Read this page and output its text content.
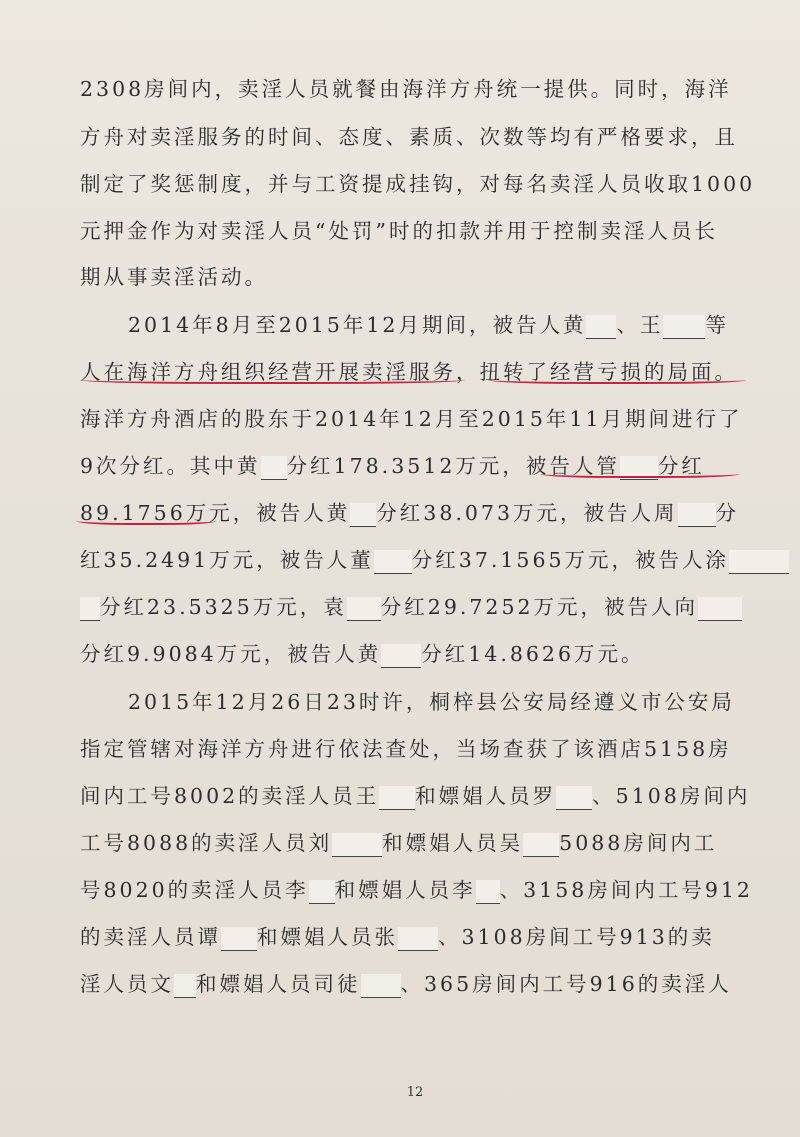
2308房间内，卖淫人员就餐由海洋方舟统一提供。同时，海洋
方舟对卖淫服务的时间、态度、素质、次数等均有严格要求，且
制定了奖惩制度，并与工资提成挂钩，对每名卖淫人员收取1000
元押金作为对卖淫人员“处罚”时的扣款并用于控制卖淫人员长
期从事卖淫活动。
2014年8月至2015年12月期间，被告人黄 、王 等
人在海洋方舟组织经营开展卖淫服务，扭转了经营亏损的局面。
海洋方舟酒店的股东于2014年12月至2015年11月期间进行了
9次分红。其中黄 分红178.3512万元，被告人管 分红
89.1756万元，被告人黄 分红38.073万元，被告人周 分
红35.2491万元，被告人董 分红37.1565万元，被告人涂
分红23.5325万元，袁 分红29.7252万元，被告人向
分红9.9084万元，被告人黄 分红14.8626万元。
2015年12月26日23时许，桐梓县公安局经遵义市公安局
指定管辖对海洋方舟进行依法查处，当场查获了该酒店5158房
间内工号8002的卖淫人员王 和嫖娼人员罗 、5108房间内
工号8088的卖淫人员刘 和嫖娼人员吴 5088房间内工
号8020的卖淫人员李 和嫖娼人员李 、3158房间内工号912
的卖淫人员谭 和嫖娼人员张 、3108房间工号913的卖
淫人员文 和嫖娼人员司徒 、365房间内工号916的卖淫人
12
